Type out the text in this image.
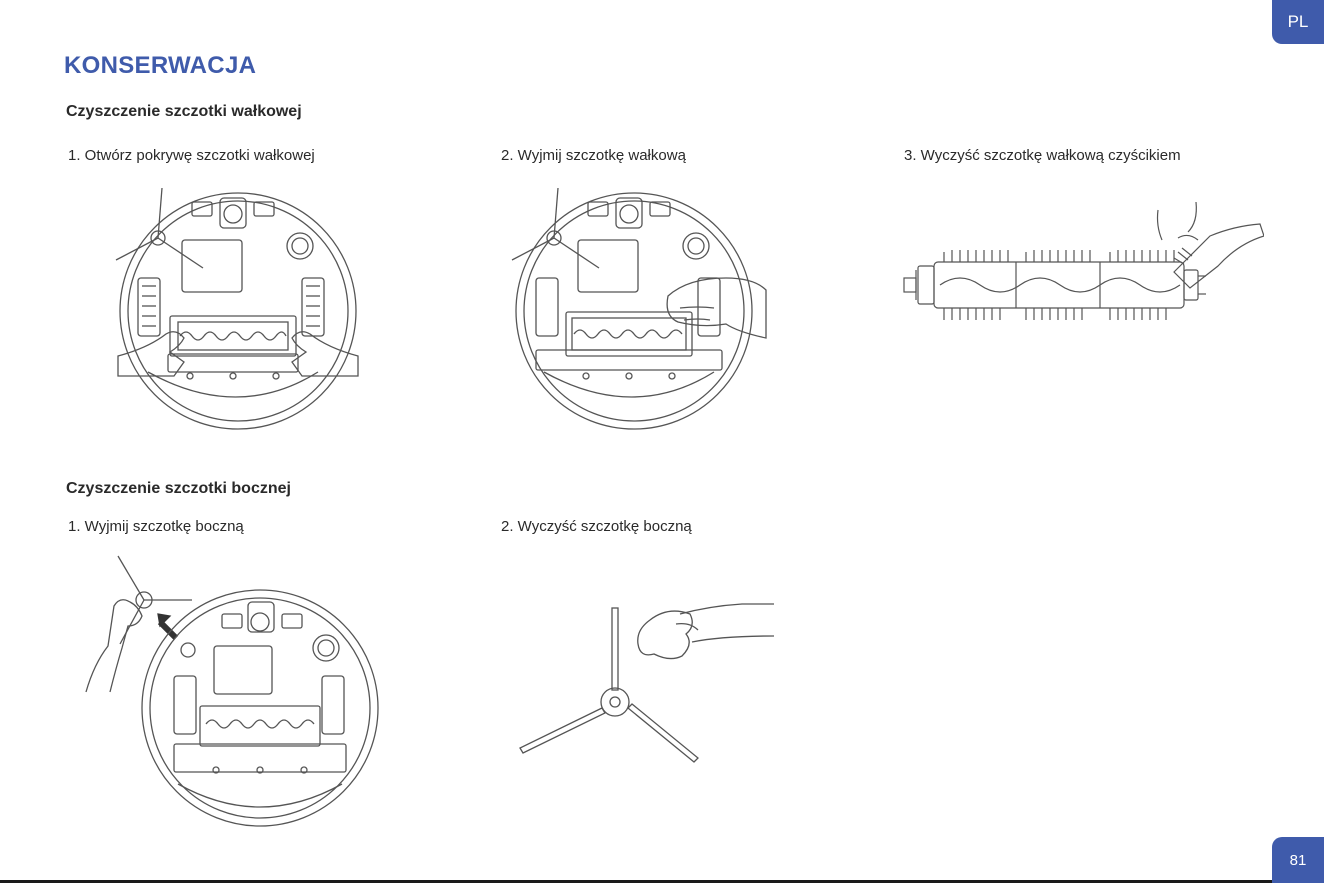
PL
81
KONSERWACJA
Czyszczenie szczotki wałkowej

1. Otwórz pokrywę szczotki wałkowej	2. Wyjmij szczotkę wałkową	3. Wyczyść szczotkę wałkową czyścikiem

Czyszczenie szczotki bocznej

1. Wyjmij szczotkę boczną	2. Wyczyść szczotkę boczną
